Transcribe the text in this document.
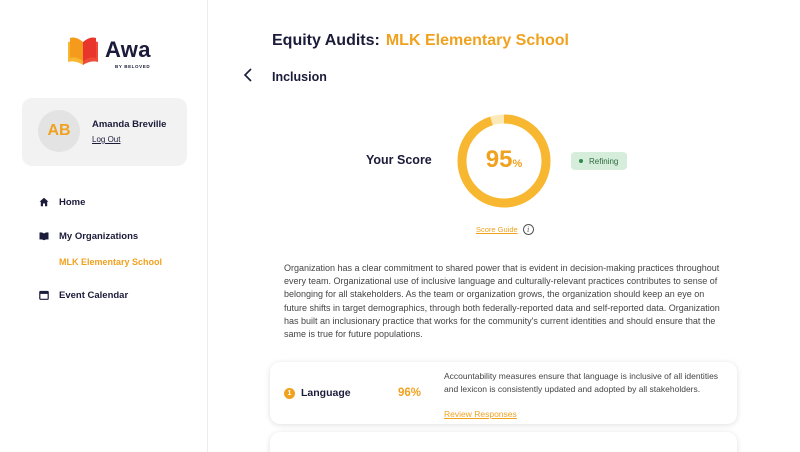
Awa
BY BELOVED
AB	Amanda Breville
Log Out
Home
My Organizations
MLK Elementary School
Event Calendar
Equity Audits: MLK Elementary School
Inclusion
Your Score	95%	Refining
Score Guide	i

Organization has a clear commitment to shared power that is evident in decision-making practices throughout every team. Organizational use of inclusive language and culturally-relevant practices contributes to sense of belonging for all stakeholders. As the team or organization grows, the organization should keep an eye on future shifts in target demographics, through both federally-reported data and self-reported data. Organization has built an inclusionary practice that works for the community's current identities and should ensure that the same is true for future populations.

1 Language	96%

Accountability measures ensure that language is inclusive of all identities and lexicon is consistently updated and adopted by all stakeholders.

Review Responses
